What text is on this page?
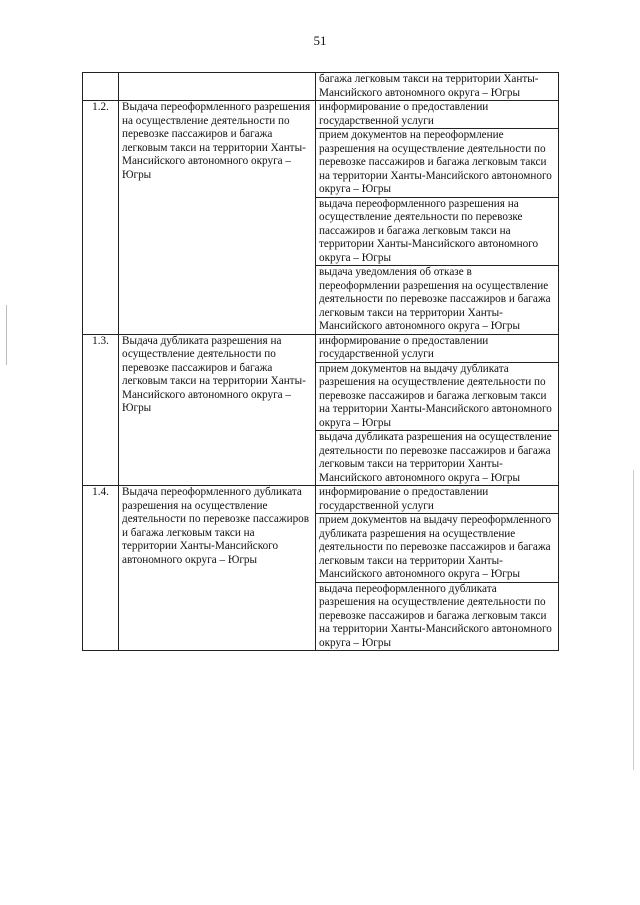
51
		багажа легковым такси на территории Ханты-Мансийского автономного округа – Югры
1.2.	Выдача переоформленного разрешения на осуществление деятельности по перевозке пассажиров и багажа легковым такси на территории Ханты-Мансийского автономного округа – Югры	информирование о предоставлении государственной услуги
		прием документов на переоформление разрешения на осуществление деятельности по перевозке пассажиров и багажа легковым такси на территории Ханты-Мансийского автономного округа – Югры
		выдача переоформленного разрешения на осуществление деятельности по перевозке пассажиров и багажа легковым такси на территории Ханты-Мансийского автономного округа – Югры
		выдача уведомления об отказе в переоформлении разрешения на осуществление деятельности по перевозке пассажиров и багажа легковым такси на территории Ханты-Мансийского автономного округа – Югры
1.3.	Выдача дубликата разрешения на осуществление деятельности по перевозке пассажиров и багажа легковым такси на территории Ханты-Мансийского автономного округа – Югры	информирование о предоставлении государственной услуги
		прием документов на выдачу дубликата разрешения на осуществление деятельности по перевозке пассажиров и багажа легковым такси на территории Ханты-Мансийского автономного округа – Югры
		выдача дубликата разрешения на осуществление деятельности по перевозке пассажиров и багажа легковым такси на территории Ханты-Мансийского автономного округа – Югры
1.4.	Выдача переоформленного дубликата разрешения на осуществление деятельности по перевозке пассажиров и багажа легковым такси на территории Ханты-Мансийского автономного округа – Югры	информирование о предоставлении государственной услуги
		прием документов на выдачу переоформленного дубликата разрешения на осуществление деятельности по перевозке пассажиров и багажа легковым такси на территории Ханты-Мансийского автономного округа – Югры
		выдача переоформленного дубликата разрешения на осуществление деятельности по перевозке пассажиров и багажа легковым такси на территории Ханты-Мансийского автономного округа – Югры
